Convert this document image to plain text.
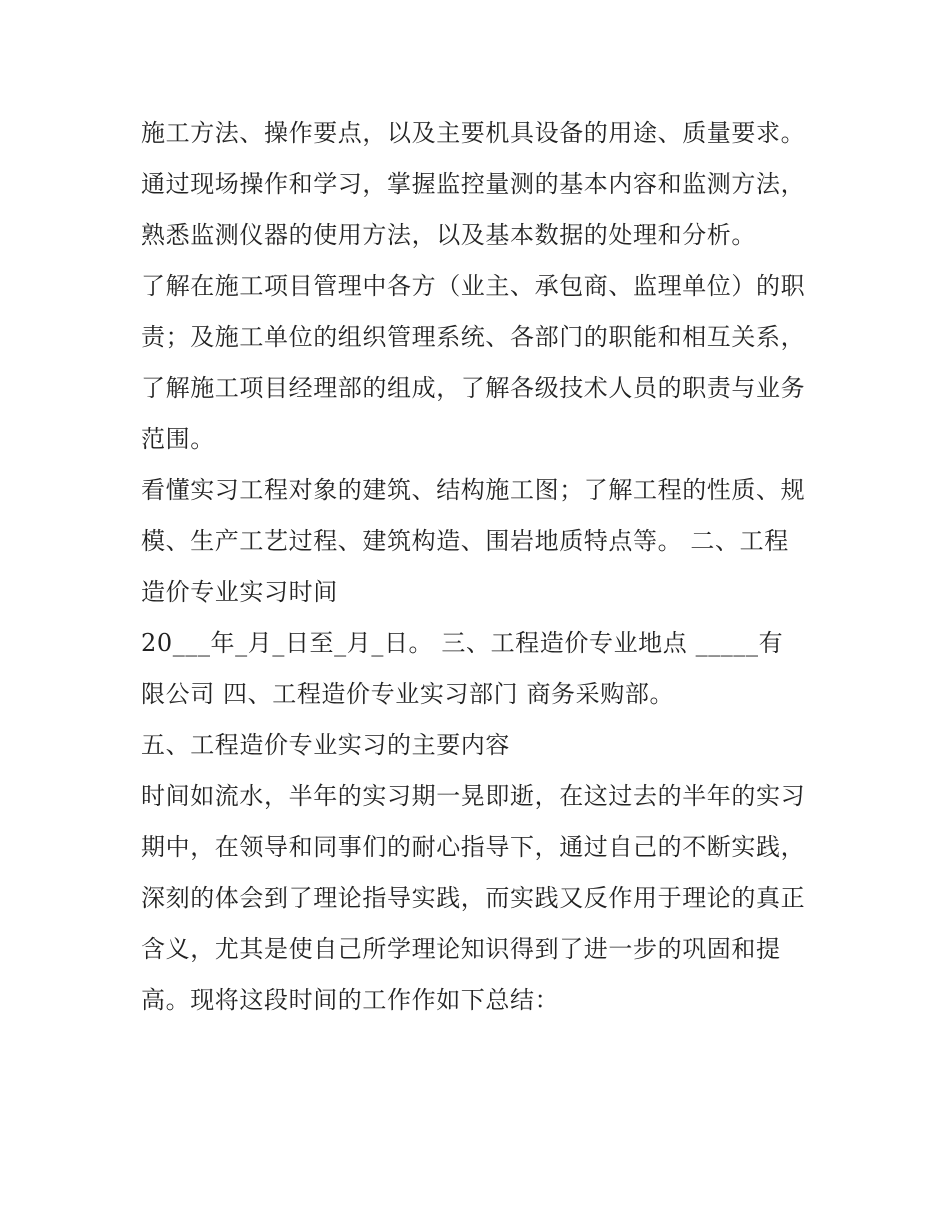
施工方法、操作要点，以及主要机具设备的用途、质量要求。
通过现场操作和学习，掌握监控量测的基本内容和监测方法，
熟悉监测仪器的使用方法，以及基本数据的处理和分析。
了解在施工项目管理中各方（业主、承包商、监理单位）的职
责；及施工单位的组织管理系统、各部门的职能和相互关系，
了解施工项目经理部的组成，了解各级技术人员的职责与业务
范围。
看懂实习工程对象的建筑、结构施工图；了解工程的性质、规
模、生产工艺过程、建筑构造、围岩地质特点等。 二、工程
造价专业实习时间
20___年_月_日至_月_日。 三、工程造价专业地点 _____有
限公司 四、工程造价专业实习部门 商务采购部。
五、工程造价专业实习的主要内容
时间如流水，半年的实习期一晃即逝，在这过去的半年的实习
期中，在领导和同事们的耐心指导下，通过自己的不断实践，
深刻的体会到了理论指导实践，而实践又反作用于理论的真正
含义，尤其是使自己所学理论知识得到了进一步的巩固和提
高。现将这段时间的工作作如下总结：
